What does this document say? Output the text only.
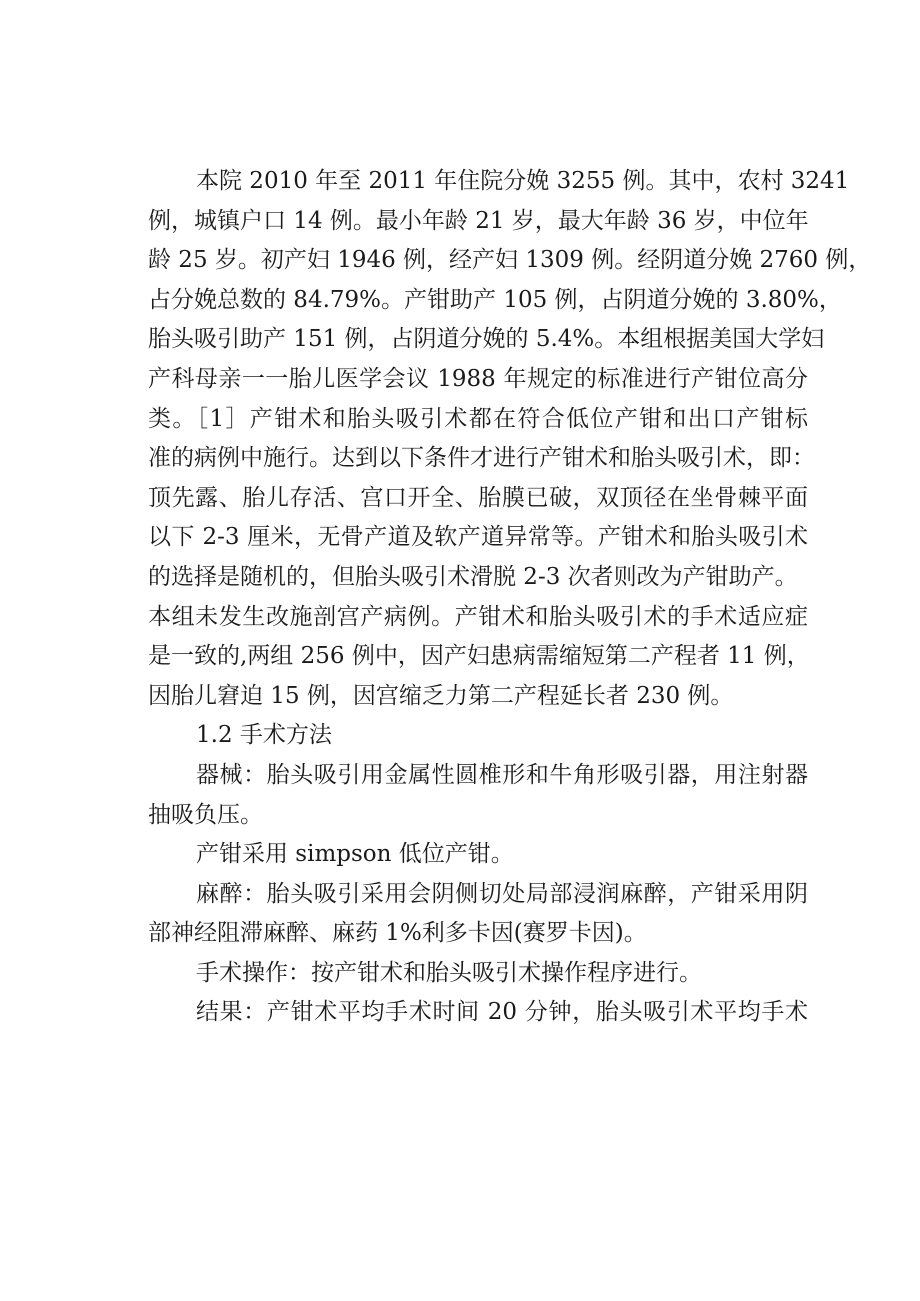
本院 2010 年至 2011 年住院分娩 3255 例。其中，农村 3241
例，城镇户口 14 例。最小年龄 21 岁，最大年龄 36 岁，中位年
龄 25 岁。初产妇 1946 例，经产妇 1309 例。经阴道分娩 2760 例，
占分娩总数的 84.79%。产钳助产 105 例，占阴道分娩的 3.80%，
胎头吸引助产 151 例，占阴道分娩的 5.4%。本组根据美国大学妇
产科母亲一一胎儿医学会议 1988 年规定的标准进行产钳位高分
类。［1］产钳术和胎头吸引术都在符合低位产钳和出口产钳标
准的病例中施行。达到以下条件才进行产钳术和胎头吸引术，即：
顶先露、胎儿存活、宫口开全、胎膜已破，双顶径在坐骨棘平面
以下 2-3 厘米，无骨产道及软产道异常等。产钳术和胎头吸引术
的选择是随机的，但胎头吸引术滑脱 2-3 次者则改为产钳助产。
本组未发生改施剖宫产病例。产钳术和胎头吸引术的手术适应症
是一致的,两组 256 例中，因产妇患病需缩短第二产程者 11 例，
因胎儿窘迫 15 例，因宫缩乏力第二产程延长者 230 例。
1.2 手术方法
器械：胎头吸引用金属性圆椎形和牛角形吸引器，用注射器
抽吸负压。
产钳采用 simpson 低位产钳。
麻醉：胎头吸引采用会阴侧切处局部浸润麻醉，产钳采用阴
部神经阻滞麻醉、麻药 1%利多卡因(赛罗卡因)。
手术操作：按产钳术和胎头吸引术操作程序进行。
结果：产钳术平均手术时间 20 分钟，胎头吸引术平均手术
